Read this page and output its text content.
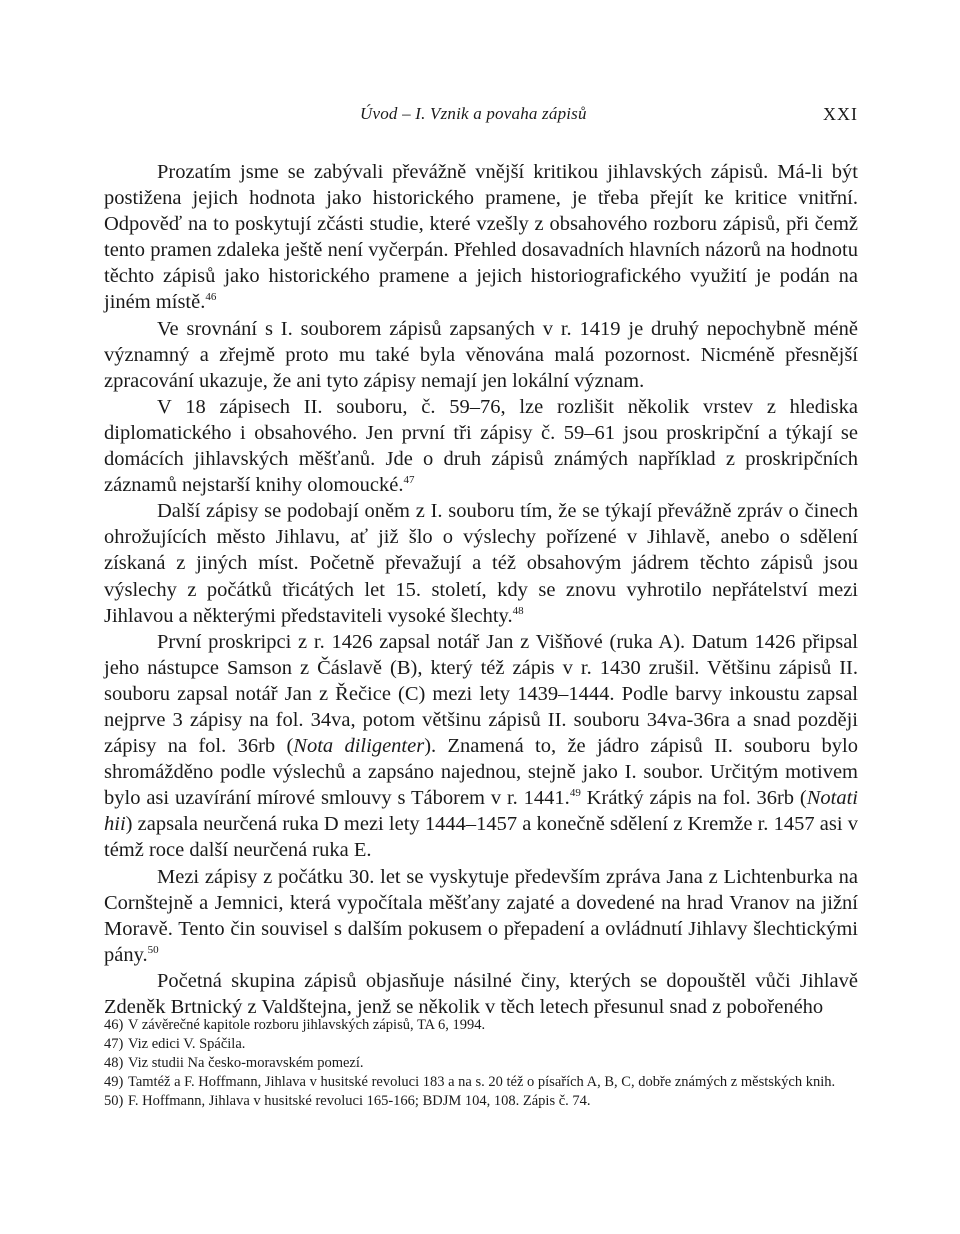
Úvod – I. Vznik a povaha zápisů	XXI

Prozatím jsme se zabývali převážně vnější kritikou jihlavských zápisů. Má-li být postižena jejich hodnota jako historického pramene, je třeba přejít ke kritice vnitřní. Odpověď na to poskytují zčásti studie, které vzešly z obsahového rozboru zápisů, při čemž tento pramen zdaleka ještě není vyčerpán. Přehled dosavadních hlavních názorů na hodnotu těchto zápisů jako historického pramene a jejich historiografického využití je podán na jiném místě.$^{46}$

Ve srovnání s I. souborem zápisů zapsaných v r. 1419 je druhý nepochybně méně významný a zřejmě proto mu také byla věnována malá pozornost. Nicméně přesnější zpracování ukazuje, že ani tyto zápisy nemají jen lokální význam.

V 18 zápisech II. souboru, č. 59–76, lze rozlišit několik vrstev z hlediska diplomatického i obsahového. Jen první tři zápisy č. 59–61 jsou proskripční a týkají se domácích jihlavských měšťanů. Jde o druh zápisů známých například z proskripčních záznamů nejstarší knihy olomoucké.$^{47}$

Další zápisy se podobají oněm z I. souboru tím, že se týkají převážně zpráv o činech ohrožujících město Jihlavu, ať již šlo o výslechy pořízené v Jihlavě, anebo o sdělení získaná z jiných míst. Početně převažují a též obsahovým jádrem těchto zápisů jsou výslechy z počátků třicátých let 15. století, kdy se znovu vyhrotilo nepřátelství mezi Jihlavou a některými představiteli vysoké šlechty.$^{48}$

První proskripci z r. 1426 zapsal notář Jan z Višňové (ruka A). Datum 1426 připsal jeho nástupce Samson z Čáslavě (B), který též zápis v r. 1430 zrušil. Většinu zápisů II. souboru zapsal notář Jan z Řečice (C) mezi lety 1439–1444. Podle barvy inkoustu zapsal nejprve 3 zápisy na fol. 34va, potom většinu zápisů II. souboru 34va-36ra a snad později zápisy na fol. 36rb (Nota diligenter). Znamená to, že jádro zápisů II. souboru bylo shromážděno podle výslechů a zapsáno najednou, stejně jako I. soubor. Určitým motivem bylo asi uzavírání mírové smlouvy s Táborem v r. 1441.49 Krátký zápis na fol. 36rb (Notati hii) zapsala neurčená ruka D mezi lety 1444–1457 a konečně sdělení z Kremže r. 1457 asi v témž roce další neurčená ruka E.

Mezi zápisy z počátku 30. let se vyskytuje především zpráva Jana z Lichtenburka na Cornštejně a Jemnici, která vypočítala měšťany zajaté a dovedené na hrad Vranov na jižní Moravě. Tento čin souvisel s dalším pokusem o přepadení a ovládnutí Jihlavy šlechtickými pány.$^{50}$

Početná skupina zápisů objasňuje násilné činy, kterých se dopouštěl vůči Jihlavě Zdeněk Brtnický z Valdštejna, jenž se několik v těch letech přesunul snad z pobořeného

46 ) V závěrečné kapitole rozboru jihlavských zápisů, TA 6, 1994.
47 ) Viz edici V. Spáčila.
48 ) Viz studii Na česko-moravském pomezí.
49 ) Tamtéž a F. Hoffmann, Jihlava v husitské revoluci 183 a na s. 20 též o písařích A, B, C, dobře známých z městských knih.
50 ) F. Hoffmann, Jihlava v husitské revoluci 165-166; BDJM 104, 108. Zápis č. 74.
